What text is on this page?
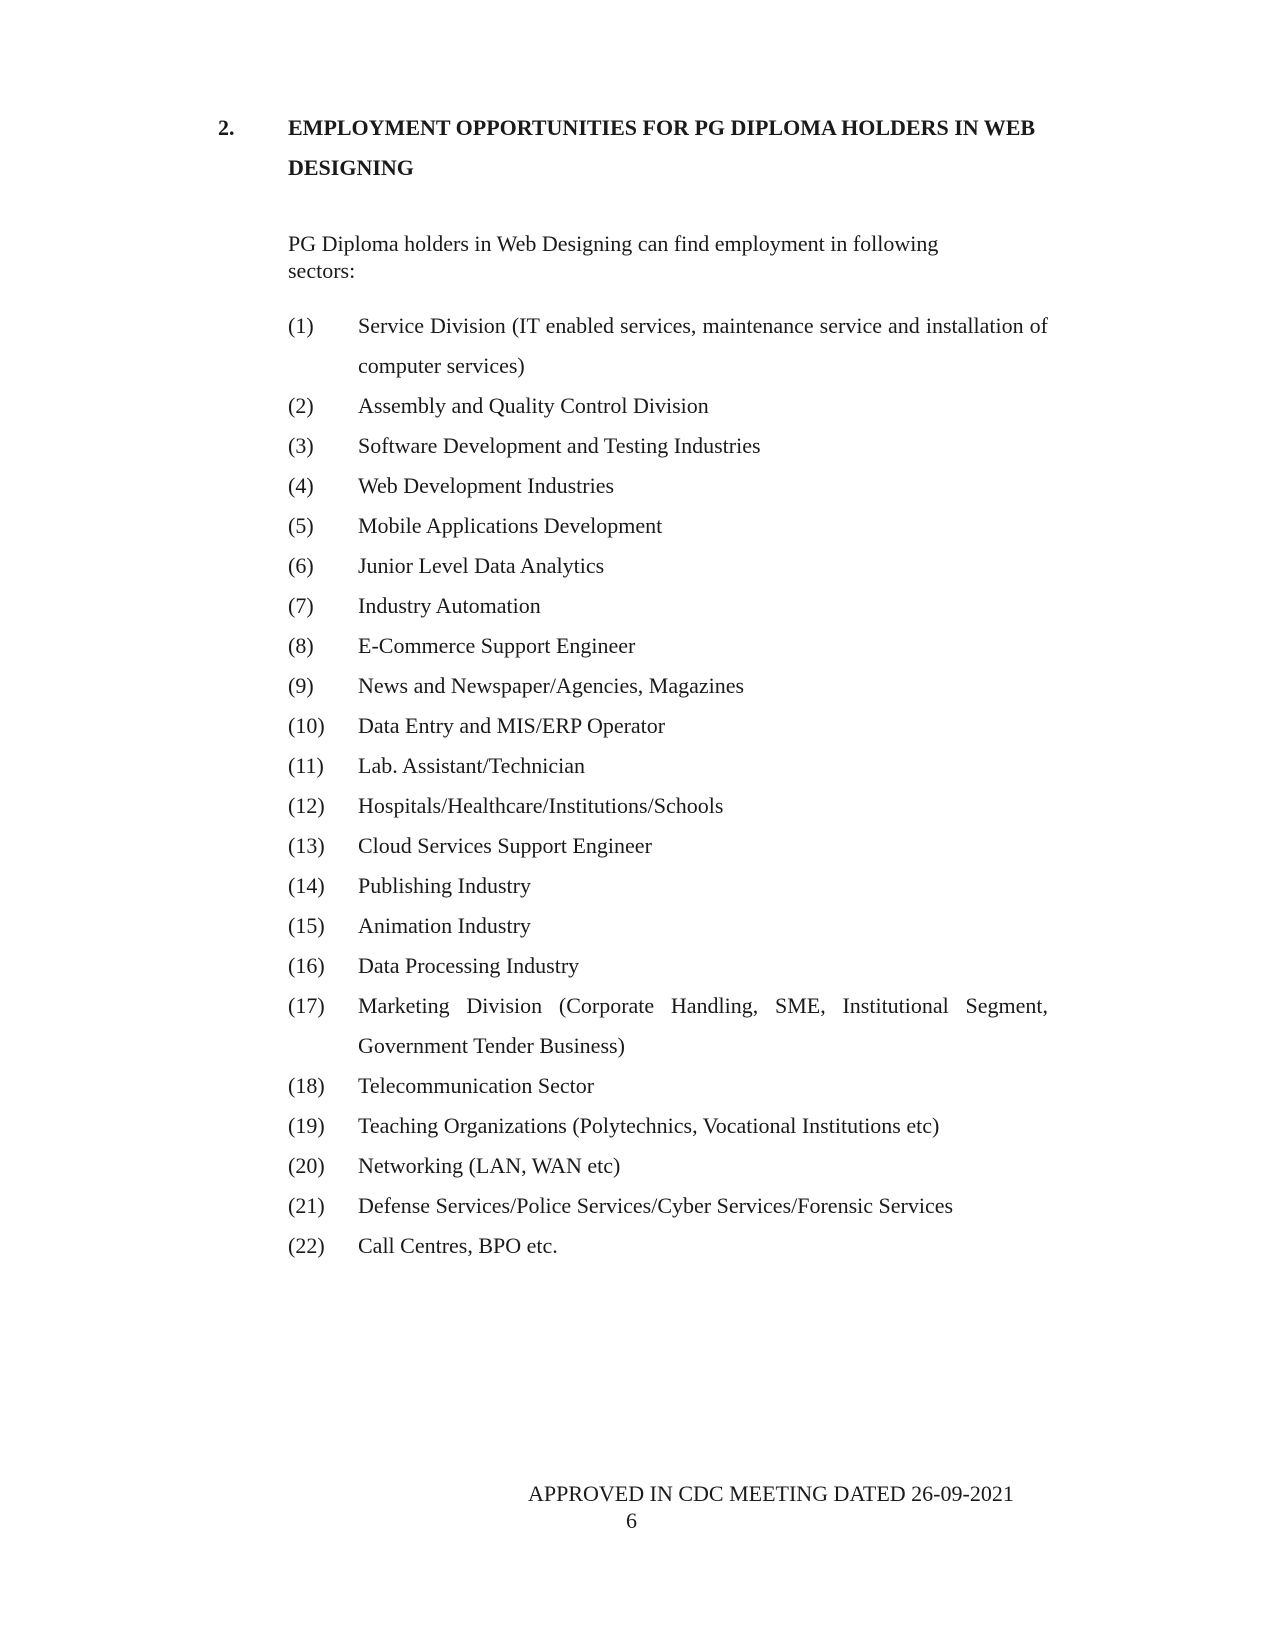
2. EMPLOYMENT OPPORTUNITIES FOR PG DIPLOMA HOLDERS IN WEB DESIGNING
PG Diploma holders in Web Designing can find employment in following sectors:
(1)	Service Division (IT enabled services, maintenance service and installation of computer services)
(2)	Assembly and Quality Control Division
(3)	Software Development and Testing Industries
(4)	Web Development Industries
(5)	Mobile Applications Development
(6)	Junior Level Data Analytics
(7)	Industry Automation
(8)	E-Commerce Support Engineer
(9)	News and Newspaper/Agencies, Magazines
(10)	Data Entry and MIS/ERP Operator
(11)	Lab. Assistant/Technician
(12)	Hospitals/Healthcare/Institutions/Schools
(13)	Cloud Services Support Engineer
(14)	Publishing Industry
(15)	Animation Industry
(16)	Data Processing Industry
(17)	Marketing Division (Corporate Handling, SME, Institutional Segment, Government Tender Business)
(18)	Telecommunication Sector
(19)	Teaching Organizations (Polytechnics, Vocational Institutions etc)
(20)	Networking (LAN, WAN etc)
(21)	Defense Services/Police Services/Cyber Services/Forensic Services
(22)	Call Centres, BPO etc.
APPROVED IN CDC MEETING DATED 26-09-2021
6
